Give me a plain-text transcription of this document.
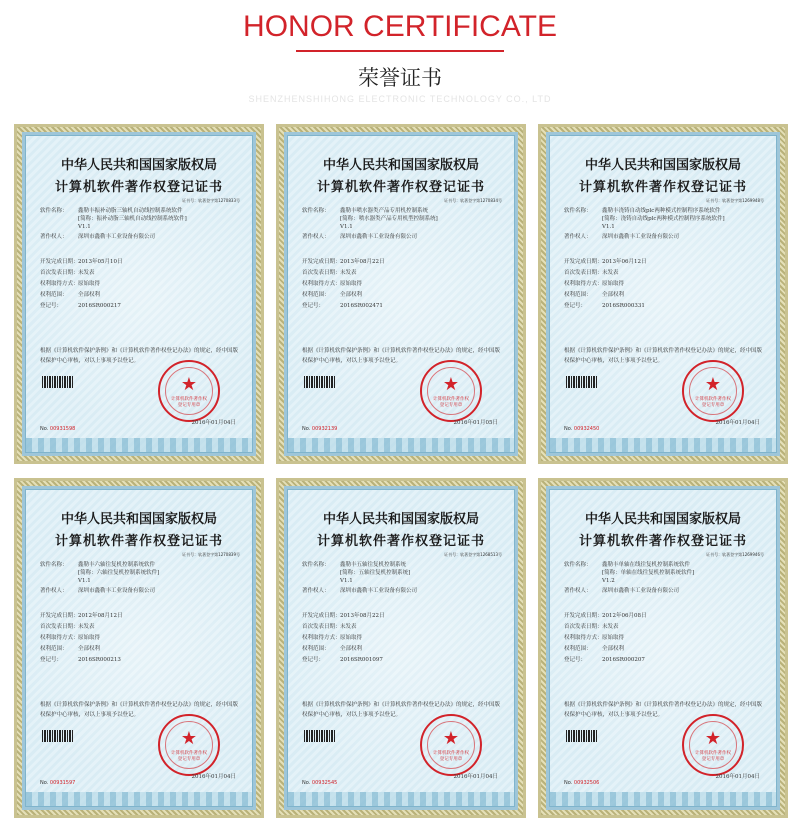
HONOR CERTIFICATE
荣誉证书
SHENZHENSHIHONG ELECTRONIC TECHNOLOGY CO., LTD
中华人民共和国国家版权局
计算机软件著作权登记证书
证书号：软著登字第1270833号
软件名称：	鑫勒丰振补动脂三轴机自动线控制系统软件
[简称：振补动脂三轴机自动线控制系统软件]
V1.1
著作权人：	深圳市鑫勒丰工业设备有限公司
开发完成日期： 2013年05月10日
首次发表日期： 未发表
权利取得方式： 原始取得
权利范围：	全部权利
登记号：	2016SR000217
根据《计算机软件保护条例》和《计算机软件著作权登记办法》的规定，经中国版权保护中心审核，对以上事项予以登记。
★
计算机软件著作权
登记专用章
2016年01月04日
No. 00931598
中华人民共和国国家版权局
计算机软件著作权登记证书
证书号：软著登字第1270834号
软件名称：	鑫勒丰喷水器类产品专用机控制系统
[简称：喷水器类产品专用机型控制系统]
V1.1
著作权人：	深圳市鑫勒丰工业设备有限公司
开发完成日期： 2013年08月22日
首次发表日期： 未发表
权利取得方式： 原始取得
权利范围：	全部权利
登记号：	2016SR002471
根据《计算机软件保护条例》和《计算机软件著作权登记办法》的规定，经中国版权保护中心审核，对以上事项予以登记。
★
计算机软件著作权
登记专用章
2016年01月05日
No. 00932139
中华人民共和国国家版权局
计算机软件著作权登记证书
证书号：软著登字第1269948号
软件名称：	鑫勒丰浇铸自动线plc两种模式控制程序系统软件
[简称：浇铸自动线plc两种模式控制程序系统软件]
V1.1
著作权人：	深圳市鑫勒丰工业设备有限公司
开发完成日期： 2013年06月12日
首次发表日期： 未发表
权利取得方式： 原始取得
权利范围：	全部权利
登记号：	2016SR000331
根据《计算机软件保护条例》和《计算机软件著作权登记办法》的规定，经中国版权保护中心审核，对以上事项予以登记。
★
计算机软件著作权
登记专用章
2016年01月04日
No. 00932450
中华人民共和国国家版权局
计算机软件著作权登记证书
证书号：软著登字第1270839号
软件名称：	鑫勒丰六轴往复机控制系统软件
[简称：六轴往复机控制系统软件]
V1.1
著作权人：	深圳市鑫勒丰工业设备有限公司
开发完成日期： 2012年08月12日
首次发表日期： 未发表
权利取得方式： 原始取得
权利范围：	全部权利
登记号：	2016SR000213
根据《计算机软件保护条例》和《计算机软件著作权登记办法》的规定，经中国版权保护中心审核，对以上事项予以登记。
★
计算机软件著作权
登记专用章
2016年01月04日
No. 00931597
中华人民共和国国家版权局
计算机软件著作权登记证书
证书号：软著登字第1268513号
软件名称：	鑫勒丰五轴往复机控制系统
[简称：五轴往复机控制系统]
V1.1
著作权人：	深圳市鑫勒丰工业设备有限公司
开发完成日期： 2013年08月22日
首次发表日期： 未发表
权利取得方式： 原始取得
权利范围：	全部权利
登记号：	2016SR001097
根据《计算机软件保护条例》和《计算机软件著作权登记办法》的规定，经中国版权保护中心审核，对以上事项予以登记。
★
计算机软件著作权
登记专用章
2016年01月04日
No. 00932545
中华人民共和国国家版权局
计算机软件著作权登记证书
证书号：软著登字第1269946号
软件名称：	鑫勒丰单轴在线往复机控制系统软件
[简称：单轴在线往复机控制系统软件]
V1.2
著作权人：	深圳市鑫勒丰工业设备有限公司
开发完成日期： 2012年06月08日
首次发表日期： 未发表
权利取得方式： 原始取得
权利范围：	全部权利
登记号：	2016SR000207
根据《计算机软件保护条例》和《计算机软件著作权登记办法》的规定，经中国版权保护中心审核，对以上事项予以登记。
★
计算机软件著作权
登记专用章
2016年01月04日
No. 00932506
